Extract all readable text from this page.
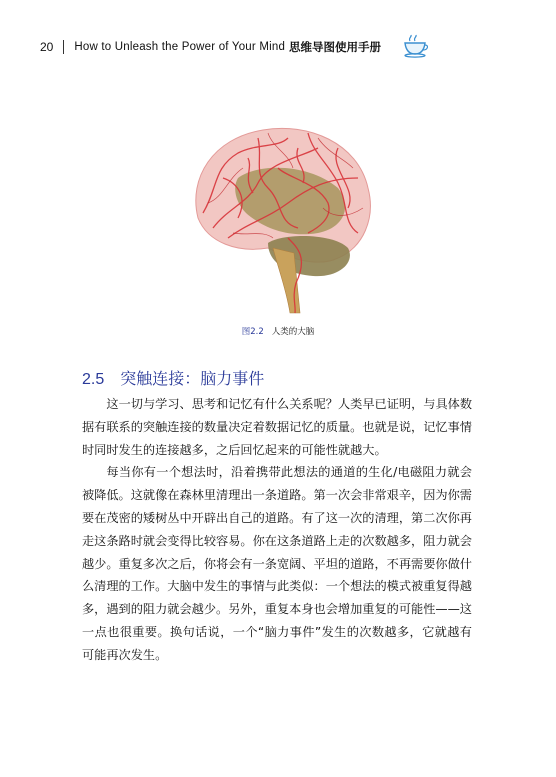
20 How to Unleash the Power of Your Mind 思维导图使用手册
图2.2 人类的大脑
2.5 突触连接：脑力事件

这一切与学习、思考和记忆有什么关系呢？人类早已证明，与具体数据有联系的突触连接的数量决定着数据记忆的质量。也就是说，记忆事情时同时发生的连接越多，之后回忆起来的可能性就越大。

每当你有一个想法时，沿着携带此想法的通道的生化/电磁阻力就会被降低。这就像在森林里清理出一条道路。第一次会非常艰辛，因为你需要在茂密的矮树丛中开辟出自己的道路。有了这一次的清理，第二次你再走这条路时就会变得比较容易。你在这条道路上走的次数越多，阻力就会越少。重复多次之后，你将会有一条宽阔、平坦的道路，不再需要你做什么清理的工作。大脑中发生的事情与此类似：一个想法的模式被重复得越多，遇到的阻力就会越少。另外，重复本身也会增加重复的可能性——这一点也很重要。换句话说，一个“脑力事件”发生的次数越多，它就越有可能再次发生。
